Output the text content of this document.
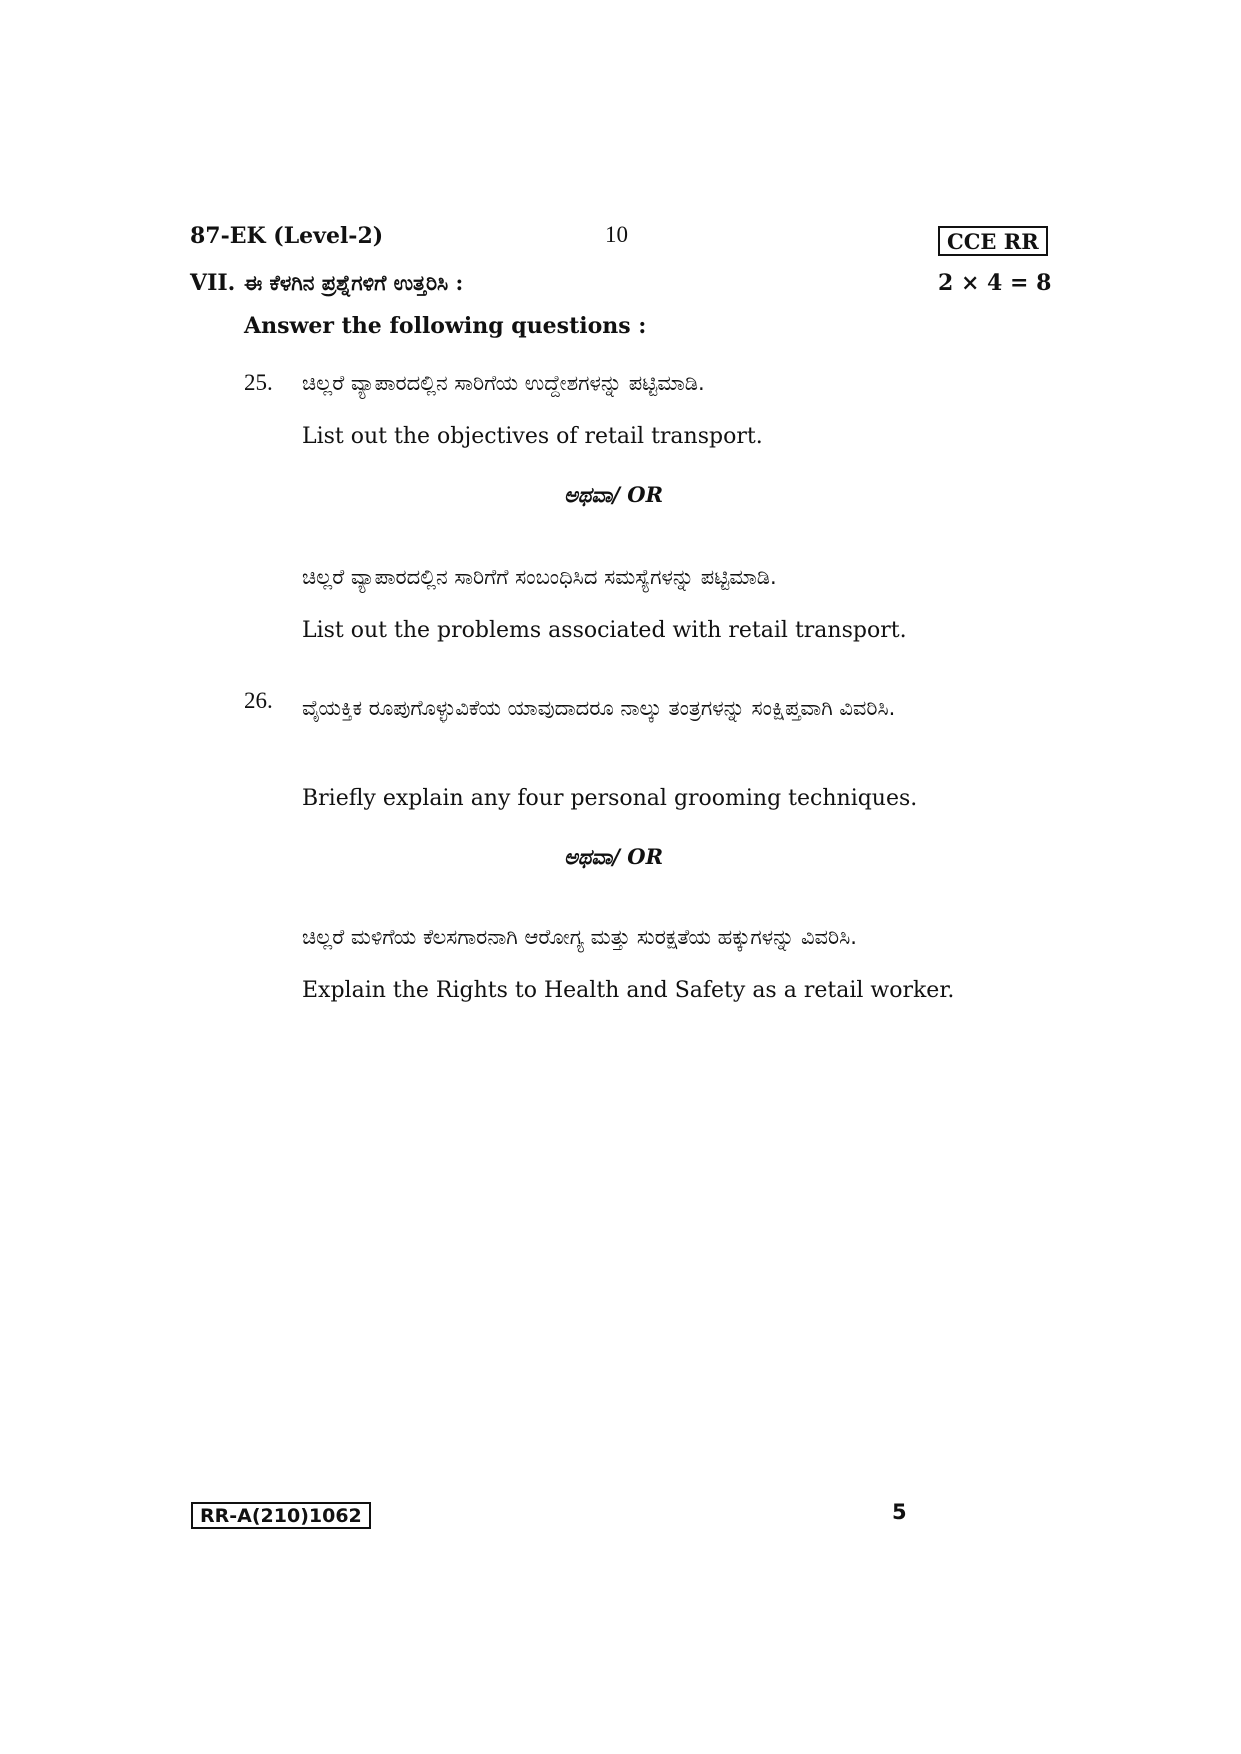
87-EK (Level-2)	10	CCE RR
VII. ಈ ಕೆಳಗಿನ ಪ್ರಶ್ನೆಗಳಿಗೆ ಉತ್ತರಿಸಿ :	2 × 4 = 8
Answer the following questions :
25. ಚಿಲ್ಲರೆ ವ್ಯಾಪಾರದಲ್ಲಿನ ಸಾರಿಗೆಯ ಉದ್ದೇಶಗಳನ್ನು ಪಟ್ಟಿಮಾಡಿ.
List out the objectives of retail transport.
ಅಥವಾ/ OR
ಚಿಲ್ಲರೆ ವ್ಯಾಪಾರದಲ್ಲಿನ ಸಾರಿಗೆಗೆ ಸಂಬಂಧಿಸಿದ ಸಮಸ್ಯೆಗಳನ್ನು ಪಟ್ಟಿಮಾಡಿ.
List out the problems associated with retail transport.
26. ವೈಯಕ್ತಿಕ ರೂಪುಗೊಳ್ಳುವಿಕೆಯ ಯಾವುದಾದರೂ ನಾಲ್ಕು ತಂತ್ರಗಳನ್ನು ಸಂಕ್ಷಿಪ್ತವಾಗಿ ವಿವರಿಸಿ.
Briefly explain any four personal grooming techniques.
ಅಥವಾ/ OR
ಚಿಲ್ಲರೆ ಮಳಿಗೆಯ ಕೆಲಸಗಾರನಾಗಿ ಆರೋಗ್ಯ ಮತ್ತು ಸುರಕ್ಷತೆಯ ಹಕ್ಕುಗಳನ್ನು ವಿವರಿಸಿ.
Explain the Rights to Health and Safety as a retail worker.
RR-A(210)1062	5
